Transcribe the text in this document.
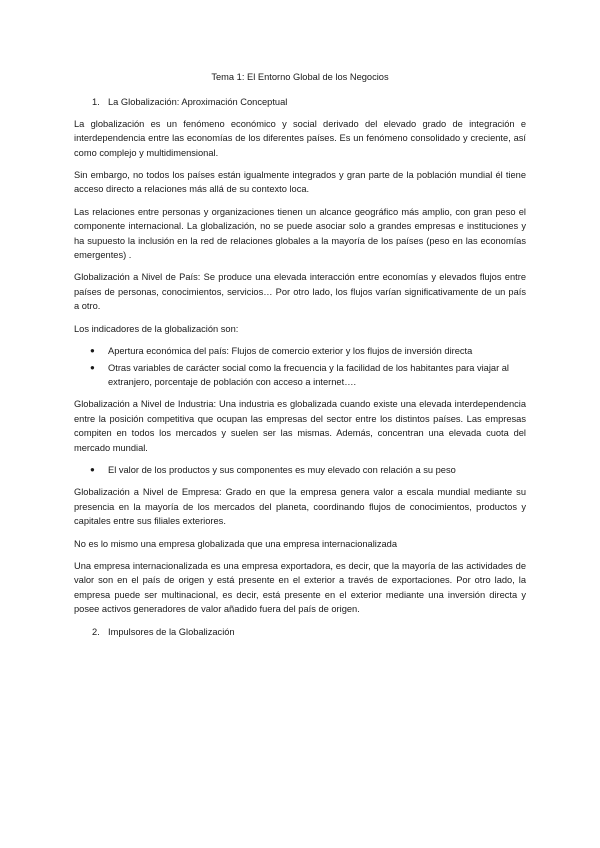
Tema 1: El Entorno Global de los Negocios
1. La Globalización: Aproximación Conceptual

La globalización es un fenómeno económico y social derivado del elevado grado de integración e interdependencia entre las economías de los diferentes países. Es un fenómeno consolidado y creciente, así como complejo y multidimensional.

Sin embargo, no todos los países están igualmente integrados y gran parte de la población mundial él tiene acceso directo a relaciones más allá de su contexto loca.

Las relaciones entre personas y organizaciones tienen un alcance geográfico más amplio, con gran peso el componente internacional. La globalización, no se puede asociar solo a grandes empresas e instituciones y ha supuesto la inclusión en la red de relaciones globales a la mayoría de los países (peso en las economías emergentes) .

Globalización a Nivel de País: Se produce una elevada interacción entre economías y elevados flujos entre países de personas, conocimientos, servicios… Por otro lado, los flujos varían significativamente de un país a otro.

Los indicadores de la globalización son:

● Apertura económica del país: Flujos de comercio exterior y los flujos de inversión directa
● Otras variables de carácter social como la frecuencia y la facilidad de los habitantes para viajar al extranjero, porcentaje de población con acceso a internet….

Globalización a Nivel de Industria: Una industria es globalizada cuando existe una elevada interdependencia entre la posición competitiva que ocupan las empresas del sector entre los distintos países. Las empresas compiten en todos los mercados y suelen ser las mismas. Además, concentran una elevada cuota del mercado mundial.

● El valor de los productos y sus componentes es muy elevado con relación a su peso

Globalización a Nivel de Empresa: Grado en que la empresa genera valor a escala mundial mediante su presencia en la mayoría de los mercados del planeta, coordinando flujos de conocimientos, productos y capitales entre sus filiales exteriores.

No es lo mismo una empresa globalizada que una empresa internacionalizada

Una empresa internacionalizada es una empresa exportadora, es decir, que la mayoría de las actividades de valor son en el país de origen y está presente en el exterior a través de exportaciones. Por otro lado, la empresa puede ser multinacional, es decir, está presente en el exterior mediante una inversión directa y posee activos generadores de valor añadido fuera del país de origen.

2. Impulsores de la Globalización
